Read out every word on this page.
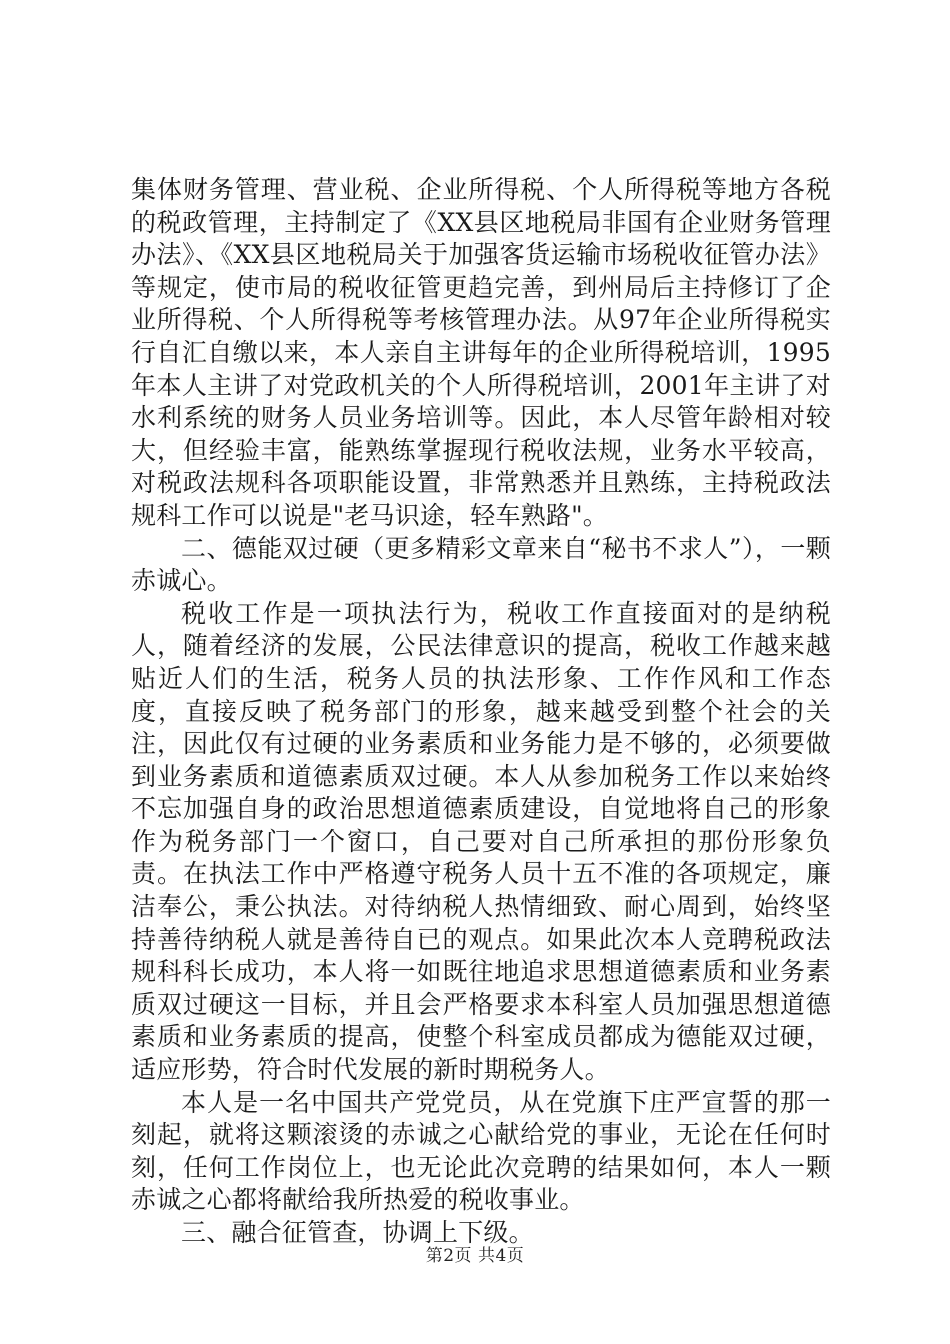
集体财务管理、营业税、企业所得税、个人所得税等地方各税的税政管理，主持制定了《XX县区地税局非国有企业财务管理办法》、《XX县区地税局关于加强客货运输市场税收征管办法》等规定，使市局的税收征管更趋完善，到州局后主持修订了企业所得税、个人所得税等考核管理办法。从97年企业所得税实行自汇自缴以来，本人亲自主讲每年的企业所得税培训，1995年本人主讲了对党政机关的个人所得税培训，2001年主讲了对水利系统的财务人员业务培训等。因此，本人尽管年龄相对较大，但经验丰富，能熟练掌握现行税收法规，业务水平较高，对税政法规科各项职能设置，非常熟悉并且熟练，主持税政法规科工作可以说是"老马识途，轻车熟路"。

二、德能双过硬（更多精彩文章来自“秘书不求人”），一颗赤诚心。

税收工作是一项执法行为，税收工作直接面对的是纳税人，随着经济的发展，公民法律意识的提高，税收工作越来越贴近人们的生活，税务人员的执法形象、工作作风和工作态度，直接反映了税务部门的形象，越来越受到整个社会的关注，因此仅有过硬的业务素质和业务能力是不够的，必须要做到业务素质和道德素质双过硬。本人从参加税务工作以来始终不忘加强自身的政治思想道德素质建设，自觉地将自己的形象作为税务部门一个窗口，自己要对自己所承担的那份形象负责。在执法工作中严格遵守税务人员十五不准的各项规定，廉洁奉公，秉公执法。对待纳税人热情细致、耐心周到，始终坚持善待纳税人就是善待自已的观点。如果此次本人竞聘税政法规科科长成功，本人将一如既往地追求思想道德素质和业务素质双过硬这一目标，并且会严格要求本科室人员加强思想道德素质和业务素质的提高，使整个科室成员都成为德能双过硬，适应形势，符合时代发展的新时期税务人。

本人是一名中国共产党党员，从在党旗下庄严宣誓的那一刻起，就将这颗滚烫的赤诚之心献给党的事业，无论在任何时刻，任何工作岗位上，也无论此次竞聘的结果如何，本人一颗赤诚之心都将献给我所热爱的税收事业。

三、融合征管查，协调上下级。

第2页 共4页
